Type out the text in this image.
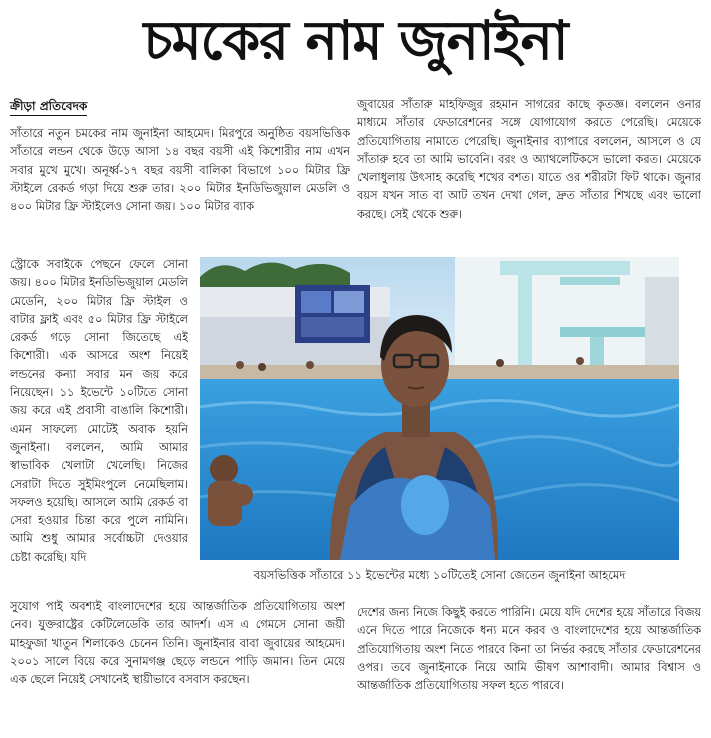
চমকের নাম জুনাইনা
ক্রীড়া প্রতিবেদক

সাঁতারে নতুন চমকের নাম জুনাইনা আহমেদ। মিরপুরে অনুষ্ঠিত বয়সভিত্তিক সাঁতারে লন্ডন থেকে উড়ে আসা ১৪ বছর বয়সী এই কিশোরীর নাম এখন সবার মুখে মুখে। অনূর্ধ্ব-১৭ বছর বয়সী বালিকা বিভাগে ১০০ মিটার ফ্রি স্টাইলে রেকর্ড গড়া দিয়ে শুরু তার। ২০০ মিটার ইনডিভিজুয়াল মেডলি ও ৪০০ মিটার ফ্রি স্টাইলেও সোনা জয়। ১০০ মিটার ব্যাক

জুবায়ের সাঁতারু মাহফিজুর রহমান সাগরের কাছে কৃতজ্ঞ। বললেন ওনার মাধ্যমে সাঁতার ফেডারেশনের সঙ্গে যোগাযোগ করতে পেরেছি। মেয়েকে প্রতিযোগিতায় নামাতে পেরেছি। জুনাইনার ব্যাপারে বললেন, আসলে ও যে সাঁতারু হবে তা আমি ভাবেনি। বরং ও অ্যাথলেটিকসে ভালো করত। মেয়েকে খেলাধুলায় উৎসাহ করেছি শখের বশত। যাতে ওর শরীরটা ফিট থাকে। জুনার বয়স যখন সাত বা আট তখন দেখা গেল, দ্রুত সাঁতার শিখছে এবং ভালো করছে। সেই থেকে শুরু।

স্ট্রোকে সবাইকে পেছনে ফেলে সোনা জয়। ৪০০ মিটার ইনডিভিজুয়াল মেডলি মেডেনি, ২০০ মিটার ফ্রি স্টাইল ও বাটার ফ্লাই এবং ৫০ মিটার ফ্রি স্টাইলে রেকর্ড গড়ে সোনা জিতেছে এই কিশোরী। এক আসরে অংশ নিয়েই লন্ডনের কন্যা সবার মন জয় করে নিয়েছেন। ১১ ইভেন্টে ১০টিতে সোনা জয় করে এই প্রবাসী বাঙালি কিশোরী। এমন সাফল্যে মোটেই অবাক হয়নি জুনাইনা। বললেন, আমি আমার স্বাভাবিক খেলাটা খেলেছি। নিজের সেরাটা দিতে সুইমিংপুলে নেমেছিলাম। সফলও হয়েছি। আসলে আমি রেকর্ড বা সেরা হওয়ার চিন্তা করে পুলে নামিনি। আমি শুধু আমার সর্বোচ্চটা দেওয়ার চেষ্টা করেছি। যদি

বয়সভিত্তিক সাঁতারে ১১ ইভেন্টের মধ্যে ১০টিতেই সোনা জেতেন জুনাইনা আহমেদ

সুযোগ পাই অবশ্যই বাংলাদেশের হয়ে আন্তর্জাতিক প্রতিযোগিতায় অংশ নেব। যুক্তরাষ্ট্রের কেটিলেডেকি তার আদর্শ। এস এ গেমসে সোনা জয়ী মাহফুজা খাতুন শিলাকেও চেনেন তিনি। জুনাইনার বাবা জুবায়ের আহমেদ। ২০০১ সালে বিয়ে করে সুনামগঞ্জ ছেড়ে লন্ডনে পাড়ি জমান। তিন মেয়ে এক ছেলে নিয়েই সেখানেই স্থায়ীভাবে বসবাস করছেন।

দেশের জন্য নিজে কিছুই করতে পারিনি। মেয়ে যদি দেশের হয়ে সাঁতারে বিজয় এনে দিতে পারে নিজেকে ধন্য মনে করব ও বাংলাদেশের হয়ে আন্তর্জাতিক প্রতিযোগিতায় অংশ নিতে পারবে কিনা তা নির্ভর করছে সাঁতার ফেডারেশনের ওপর। তবে জুনাইনাকে নিয়ে আমি ভীষণ আশাবাদী। আমার বিশ্বাস ও আন্তর্জাতিক প্রতিযোগিতায় সফল হতে পারবে।
